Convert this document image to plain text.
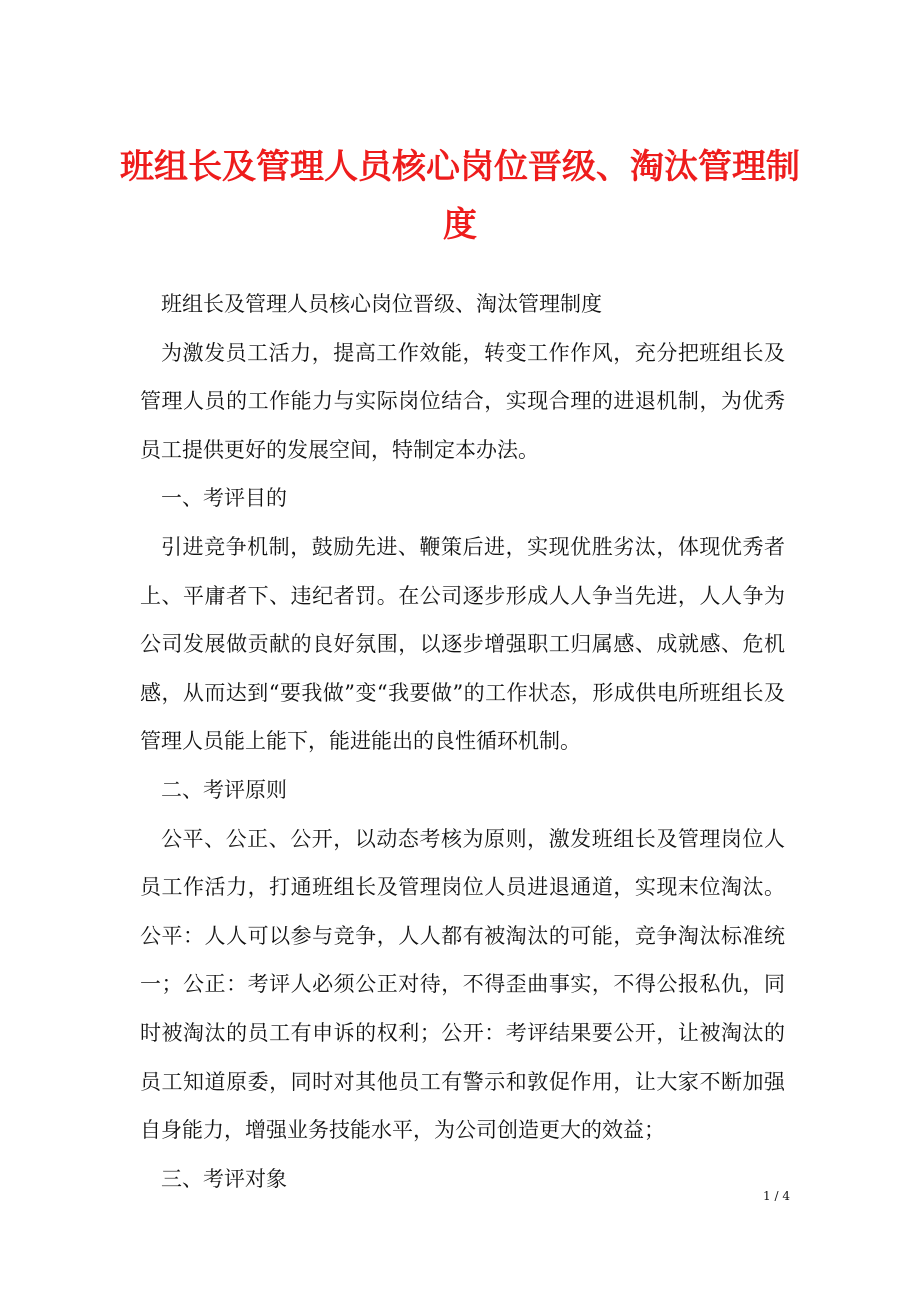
班组长及管理人员核心岗位晋级、淘汰管理制度

班组长及管理人员核心岗位晋级、淘汰管理制度

为激发员工活力，提高工作效能，转变工作作风，充分把班组长及管理人员的工作能力与实际岗位结合，实现合理的进退机制，为优秀员工提供更好的发展空间，特制定本办法。

一、考评目的

引进竞争机制，鼓励先进、鞭策后进，实现优胜劣汰，体现优秀者上、平庸者下、违纪者罚。在公司逐步形成人人争当先进，人人争为公司发展做贡献的良好氛围，以逐步增强职工归属感、成就感、危机感，从而达到“要我做”变“我要做”的工作状态，形成供电所班组长及管理人员能上能下，能进能出的良性循环机制。

二、考评原则

公平、公正、公开，以动态考核为原则，激发班组长及管理岗位人员工作活力，打通班组长及管理岗位人员进退通道，实现末位淘汰。公平：人人可以参与竞争，人人都有被淘汰的可能，竞争淘汰标准统一；公正：考评人必须公正对待，不得歪曲事实，不得公报私仇，同时被淘汰的员工有申诉的权利；公开：考评结果要公开，让被淘汰的员工知道原委，同时对其他员工有警示和敦促作用，让大家不断加强自身能力，增强业务技能水平，为公司创造更大的效益；

三、考评对象

1 / 4
